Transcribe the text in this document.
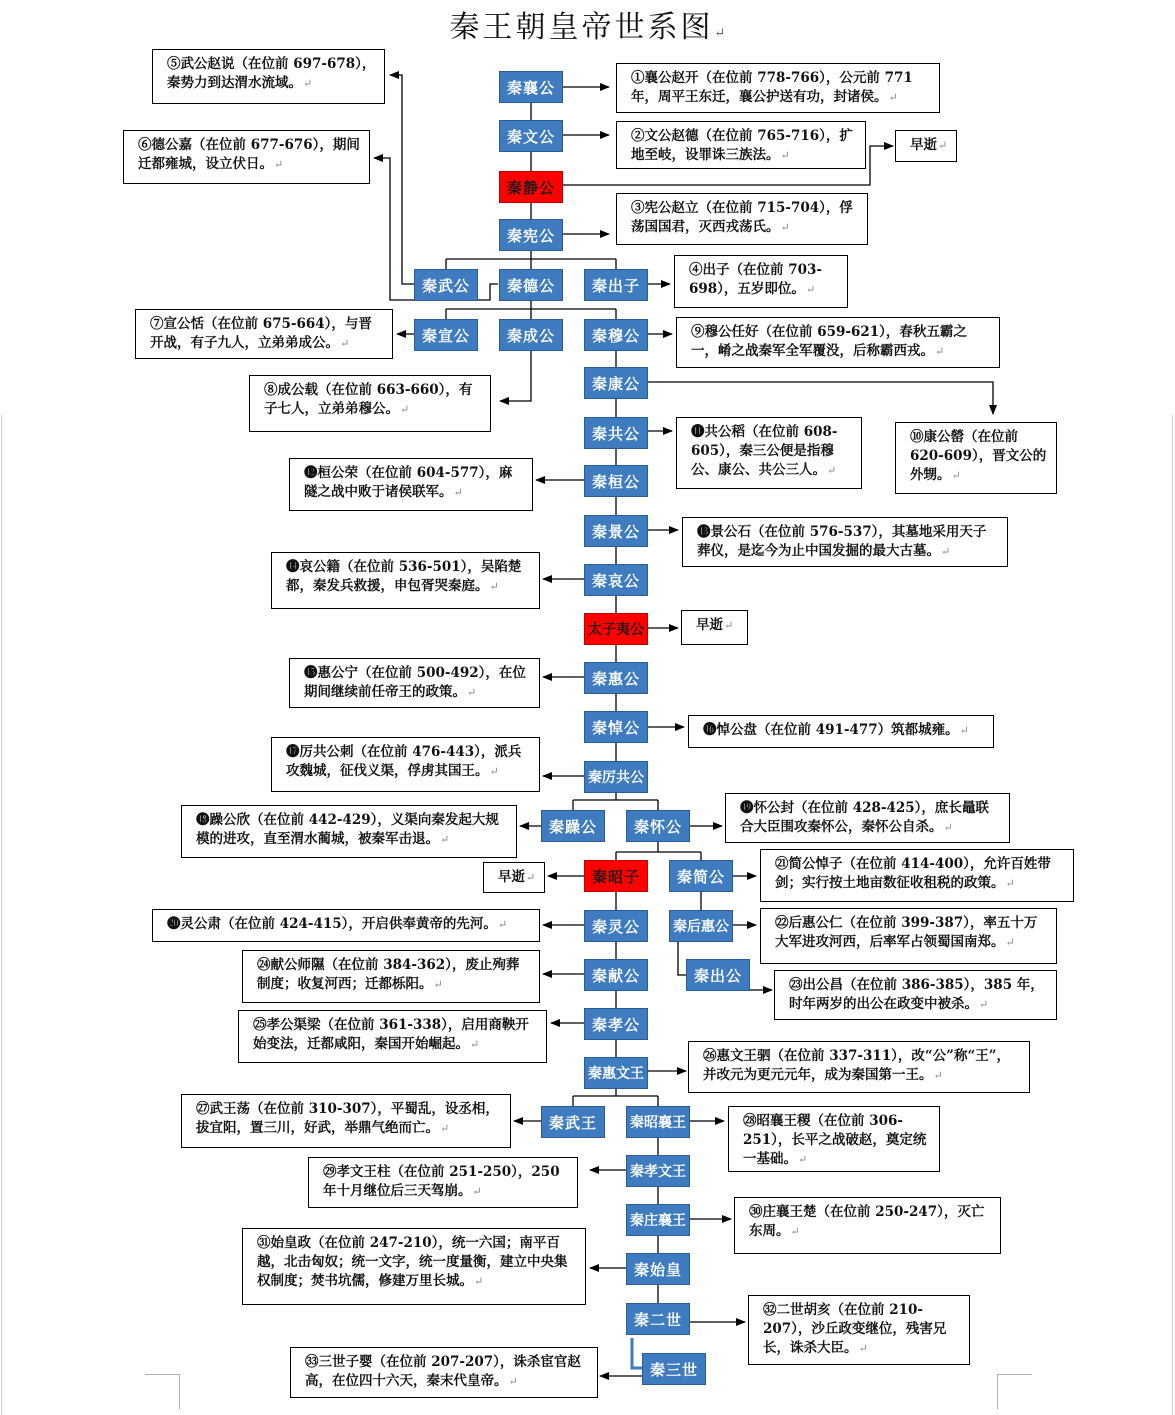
秦王朝皇帝世系图↵
秦襄公
秦文公
秦静公
秦宪公
秦武公	秦德公	秦出子
秦宣公	秦成公	秦穆公
秦康公
秦共公
秦桓公
秦景公
秦哀公
太子夷公
秦惠公
秦悼公
秦厉共公
秦躁公	秦怀公
秦昭子	秦简公
秦灵公	秦后惠公
秦献公	秦出公
秦孝公
秦惠文王
秦武王	秦昭襄王
秦孝文王
秦庄襄王
秦始皇
秦二世
秦三世
①襄公赵开（在位前 778-766），公元前 771 年，周平王东迁，襄公护送有功，封诸侯。↵
②文公赵德（在位前 765-716），扩地至岐，设罪诛三族法。↵
早逝↵
③宪公赵立（在位前 715-704），俘荡国国君，灭西戎荡氏。↵
④出子（在位前 703-698），五岁即位。↵
⑤武公赵说（在位前 697-678），秦势力到达渭水流域。↵
⑥德公嘉（在位前 677-676），期间迁都雍城，设立伏日。↵
⑦宣公恬（在位前 675-664），与晋开战，有子九人，立弟弟成公。↵
⑧成公载（在位前 663-660），有子七人，立弟弟穆公。↵
⑨穆公任好（在位前 659-621），春秋五霸之一，崤之战秦军全军覆没，后称霸西戎。↵
⑩康公罃（在位前 620-609），晋文公的外甥。↵
⓫共公稻（在位前 608-605），秦三公便是指穆公、康公、共公三人。↵
⓬桓公荣（在位前 604-577），麻隧之战中败于诸侯联军。↵
⓭景公石（在位前 576-537），其墓地采用天子葬仪，是迄今为止中国发掘的最大古墓。↵
⓮哀公籍（在位前 536-501），吴陷楚都，秦发兵救援，申包胥哭秦庭。↵
早逝↵
⓯惠公宁（在位前 500-492），在位期间继续前任帝王的政策。↵
⓰悼公盘（在位前 491-477）筑都城雍。↵
⓱厉共公刺（在位前 476-443），派兵攻魏城，征伐义渠，俘虏其国王。↵
⓲躁公欣（在位前 442-429），义渠向秦发起大规模的进攻，直至渭水蔺城，被秦军击退。↵
⓳怀公封（在位前 428-425），庶长鼂联合大臣围攻秦怀公，秦怀公自杀。↵
早逝↵
㉑简公悼子（在位前 414-400），允许百姓带剑；实行按土地亩数征收租税的政策。↵
⓴灵公肃（在位前 424-415），开启供奉黄帝的先河。↵	㉒后惠公仁（在位前 399-387），率五十万大军进攻河西，后率军占领蜀国南郑。↵
㉔献公师隰（在位前 384-362），废止殉葬制度；收复河西；迁都栎阳。↵	㉓出公昌（在位前 386-385），385 年，时年两岁的出公在政变中被杀。↵
㉕孝公渠梁（在位前 361-338），启用商鞅开始变法，迁都咸阳，秦国开始崛起。↵
㉖惠文王驷（在位前 337-311），改“公”称“王”，并改元为更元元年，成为秦国第一王。↵
㉗武王荡（在位前 310-307），平蜀乱，设丞相，拔宜阳，置三川，好武，举鼎气绝而亡。↵	㉘昭襄王稷（在位前 306-251），长平之战破赵，奠定统一基础。↵
㉙孝文王柱（在位前 251-250），250 年十月继位后三天驾崩。↵
㉚庄襄王楚（在位前 250-247），灭亡东周。↵
㉛始皇政（在位前 247-210），统一六国；南平百越，北击匈奴；统一文字，统一度量衡，建立中央集权制度；焚书坑儒，修建万里长城。↵
㉜二世胡亥（在位前 210-207），沙丘政变继位，残害兄长，诛杀大臣。↵
㉝三世子婴（在位前 207-207），诛杀宦官赵高，在位四十六天，秦末代皇帝。↵
